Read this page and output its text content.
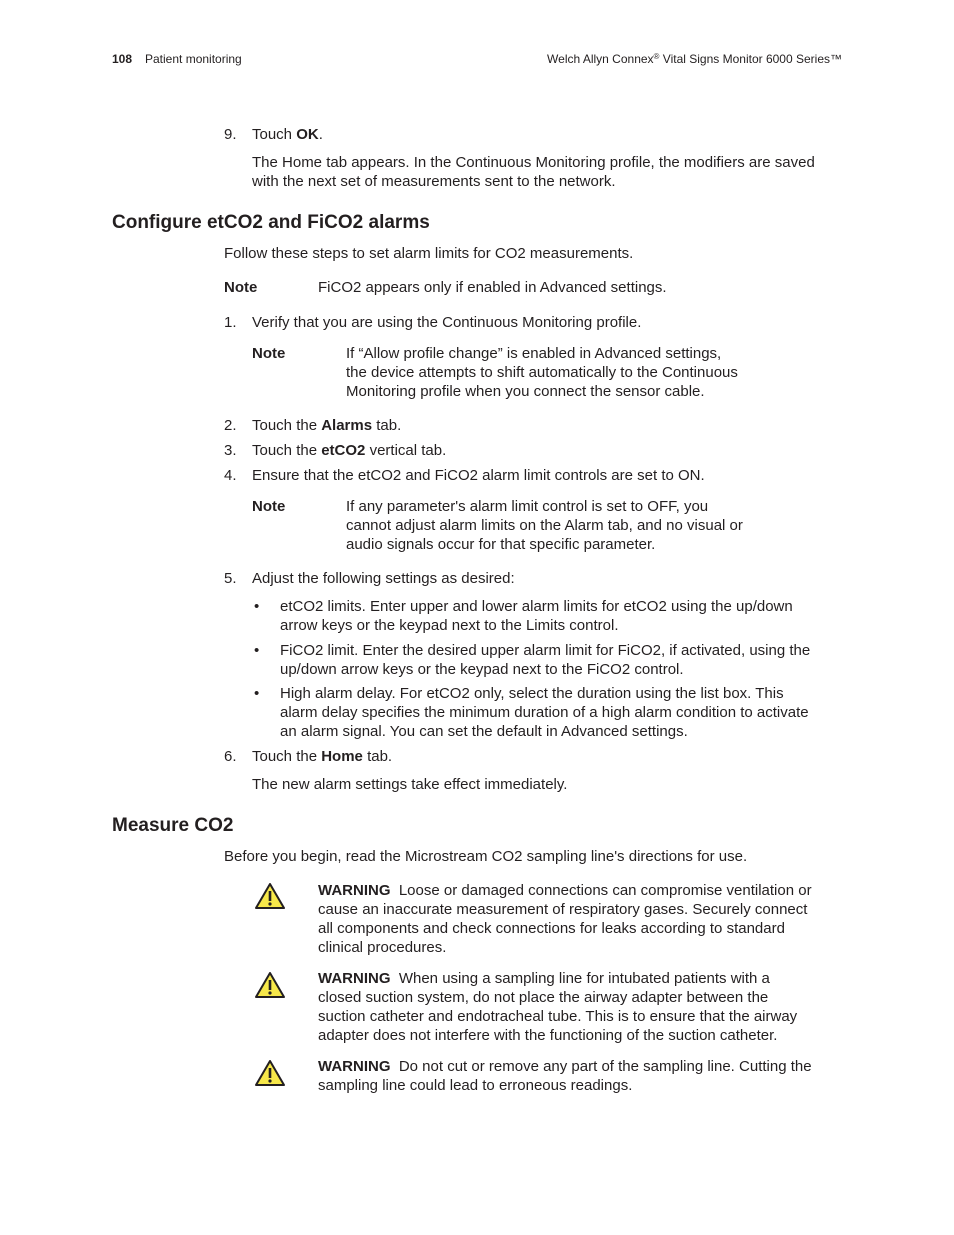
108 Patient monitoring	Welch Allyn Connex® Vital Signs Monitor 6000 Series™
9. Touch OK.
The Home tab appears. In the Continuous Monitoring profile, the modifiers are saved
with the next set of measurements sent to the network.
Configure etCO2 and FiCO2 alarms
Follow these steps to set alarm limits for CO2 measurements.
Note	FiCO2 appears only if enabled in Advanced settings.
1. Verify that you are using the Continuous Monitoring profile.
Note	If “Allow profile change” is enabled in Advanced settings,
the device attempts to shift automatically to the Continuous
Monitoring profile when you connect the sensor cable.
2. Touch the Alarms tab.
3. Touch the etCO2 vertical tab.
4. Ensure that the etCO2 and FiCO2 alarm limit controls are set to ON.
Note	If any parameter's alarm limit control is set to OFF, you
cannot adjust alarm limits on the Alarm tab, and no visual or
audio signals occur for that specific parameter.
5. Adjust the following settings as desired:
• etCO2 limits. Enter upper and lower alarm limits for etCO2 using the up/down
arrow keys or the keypad next to the Limits control.
• FiCO2 limit. Enter the desired upper alarm limit for FiCO2, if activated, using the
up/down arrow keys or the keypad next to the FiCO2 control.
• High alarm delay. For etCO2 only, select the duration using the list box. This
alarm delay specifies the minimum duration of a high alarm condition to activate
an alarm signal. You can set the default in Advanced settings.
6. Touch the Home tab.
The new alarm settings take effect immediately.
Measure CO2
Before you begin, read the Microstream CO2 sampling line's directions for use.
WARNING Loose or damaged connections can compromise ventilation or
cause an inaccurate measurement of respiratory gases. Securely connect
all components and check connections for leaks according to standard
clinical procedures.
WARNING When using a sampling line for intubated patients with a
closed suction system, do not place the airway adapter between the
suction catheter and endotracheal tube. This is to ensure that the airway
adapter does not interfere with the functioning of the suction catheter.
WARNING Do not cut or remove any part of the sampling line. Cutting the
sampling line could lead to erroneous readings.
